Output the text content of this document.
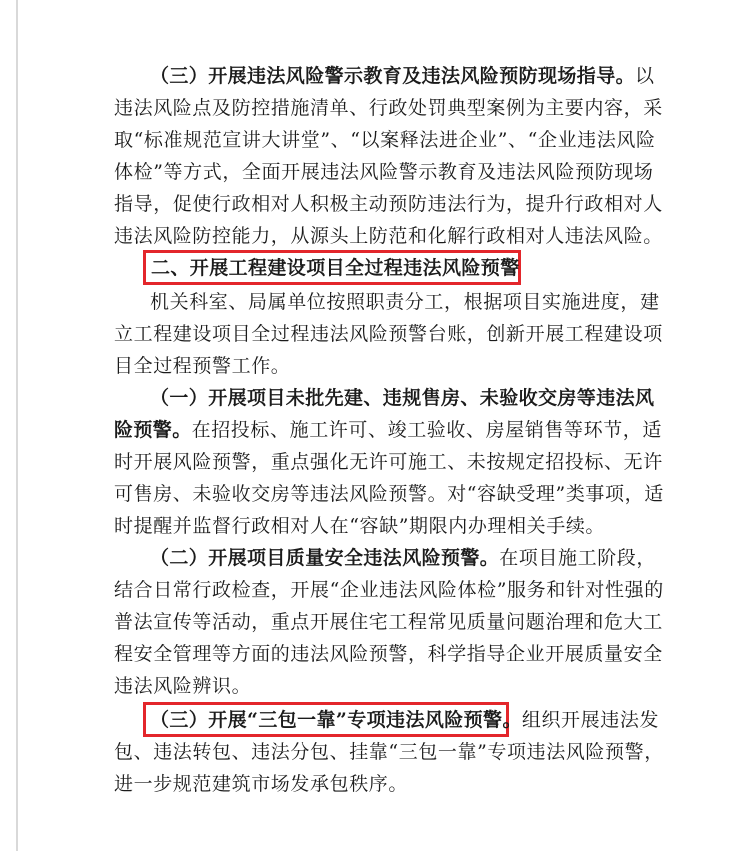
（三）开展违法风险警示教育及违法风险预防现场指导。以
违法风险点及防控措施清单、行政处罚典型案例为主要内容，采
取“标准规范宣讲大讲堂”、“以案释法进企业”、“企业违法风险
体检”等方式，全面开展违法风险警示教育及违法风险预防现场
指导，促使行政相对人积极主动预防违法行为，提升行政相对人
违法风险防控能力，从源头上防范和化解行政相对人违法风险。
二、开展工程建设项目全过程违法风险预警
机关科室、局属单位按照职责分工，根据项目实施进度，建
立工程建设项目全过程违法风险预警台账，创新开展工程建设项
目全过程预警工作。
（一）开展项目未批先建、违规售房、未验收交房等违法风
险预警。在招投标、施工许可、竣工验收、房屋销售等环节，适
时开展风险预警，重点强化无许可施工、未按规定招投标、无许
可售房、未验收交房等违法风险预警。对“容缺受理”类事项，适
时提醒并监督行政相对人在“容缺”期限内办理相关手续。
（二）开展项目质量安全违法风险预警。在项目施工阶段，
结合日常行政检查，开展“企业违法风险体检”服务和针对性强的
普法宣传等活动，重点开展住宅工程常见质量问题治理和危大工
程安全管理等方面的违法风险预警，科学指导企业开展质量安全
违法风险辨识。
（三）开展“三包一靠”专项违法风险预警。组织开展违法发
包、违法转包、违法分包、挂靠“三包一靠”专项违法风险预警，
进一步规范建筑市场发承包秩序。
